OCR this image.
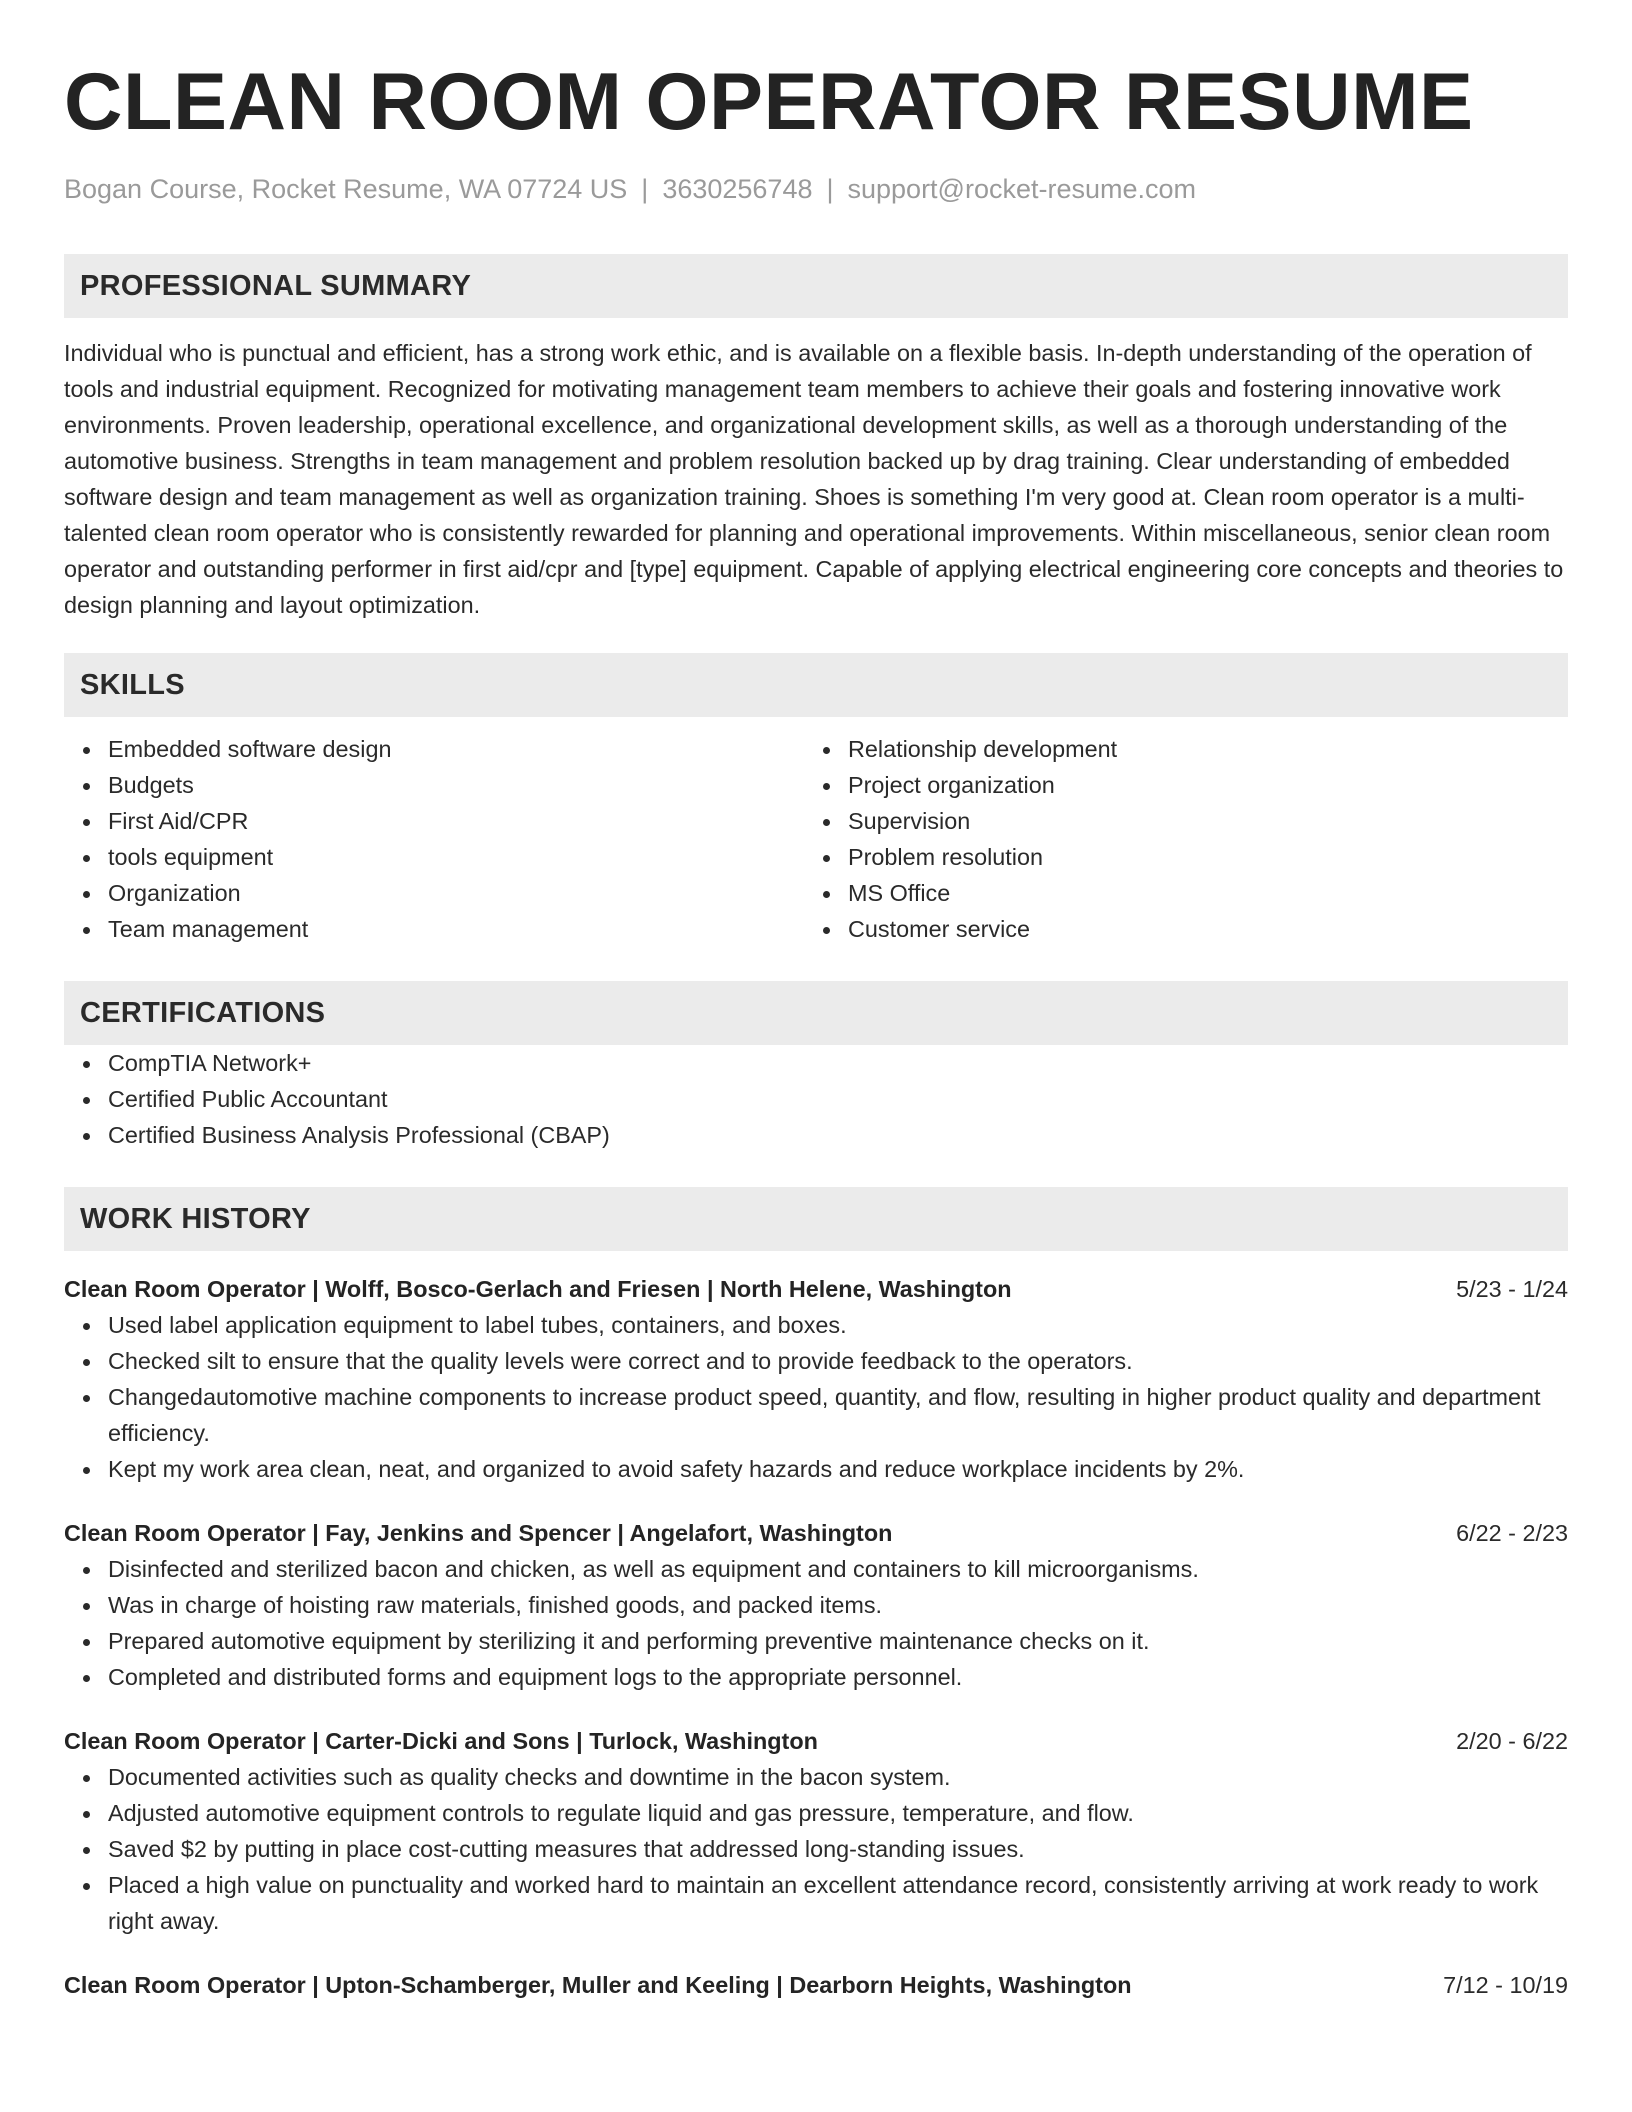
CLEAN ROOM OPERATOR RESUME
Bogan Course, Rocket Resume, WA 07724 US | 3630256748 | support@rocket-resume.com
PROFESSIONAL SUMMARY
Individual who is punctual and efficient, has a strong work ethic, and is available on a flexible basis. In-depth understanding of the operation of tools and industrial equipment. Recognized for motivating management team members to achieve their goals and fostering innovative work environments. Proven leadership, operational excellence, and organizational development skills, as well as a thorough understanding of the automotive business. Strengths in team management and problem resolution backed up by drag training. Clear understanding of embedded software design and team management as well as organization training. Shoes is something I'm very good at. Clean room operator is a multi-talented clean room operator who is consistently rewarded for planning and operational improvements. Within miscellaneous, senior clean room operator and outstanding performer in first aid/cpr and [type] equipment. Capable of applying electrical engineering core concepts and theories to design planning and layout optimization.
SKILLS
Embedded software design
Budgets
First Aid/CPR
tools equipment
Organization
Team management
Relationship development
Project organization
Supervision
Problem resolution
MS Office
Customer service
CERTIFICATIONS
CompTIA Network+
Certified Public Accountant
Certified Business Analysis Professional (CBAP)
WORK HISTORY
Clean Room Operator | Wolff, Bosco-Gerlach and Friesen | North Helene, Washington	5/23 - 1/24
Used label application equipment to label tubes, containers, and boxes.
Checked silt to ensure that the quality levels were correct and to provide feedback to the operators.
Changedautomotive machine components to increase product speed, quantity, and flow, resulting in higher product quality and department efficiency.
Kept my work area clean, neat, and organized to avoid safety hazards and reduce workplace incidents by 2%.
Clean Room Operator | Fay, Jenkins and Spencer | Angelafort, Washington	6/22 - 2/23
Disinfected and sterilized bacon and chicken, as well as equipment and containers to kill microorganisms.
Was in charge of hoisting raw materials, finished goods, and packed items.
Prepared automotive equipment by sterilizing it and performing preventive maintenance checks on it.
Completed and distributed forms and equipment logs to the appropriate personnel.
Clean Room Operator | Carter-Dicki and Sons | Turlock, Washington	2/20 - 6/22
Documented activities such as quality checks and downtime in the bacon system.
Adjusted automotive equipment controls to regulate liquid and gas pressure, temperature, and flow.
Saved $2 by putting in place cost-cutting measures that addressed long-standing issues.
Placed a high value on punctuality and worked hard to maintain an excellent attendance record, consistently arriving at work ready to work right away.
Clean Room Operator | Upton-Schamberger, Muller and Keeling | Dearborn Heights, Washington	7/12 - 10/19
